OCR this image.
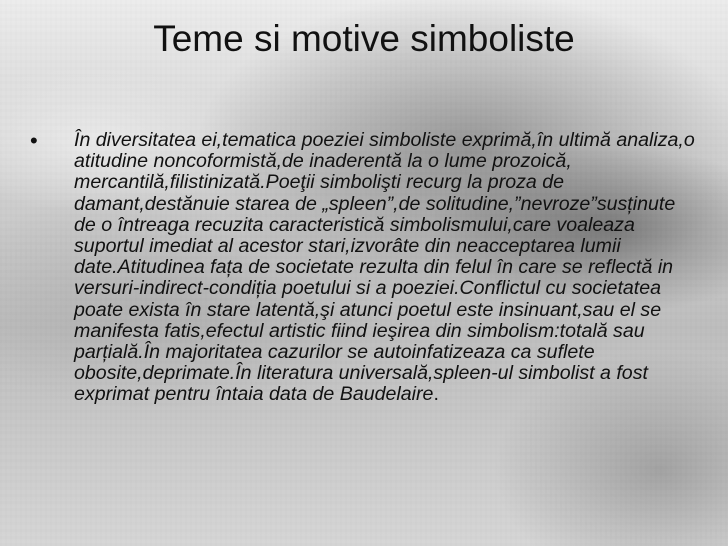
Teme si motive simboliste
• În diversitatea ei,tematica poeziei simboliste exprimă,în ultimă analiza,o atitudine noncoformistă,de inaderentă la o lume prozoică, mercantilă,filistinizată.Poeţii simbolişti recurg la proza de damant,destănuie starea de „spleen”,de solitudine,”nevroze”susținute de o întreaga recuzita caracteristică simbolismului,care voaleaza suportul imediat al acestor stari,izvorâte din neacceptarea lumii date.Atitudinea fața de societate rezulta din felul în care se reflectă in versuri-indirect-condiția poetului si a poeziei.Conflictul cu societatea poate exista în stare latentă,şi atunci poetul este insinuant,sau el se manifesta fatis,efectul artistic fiind ieşirea din simbolism:totală sau parțială.În majoritatea cazurilor se autoinfatizeaza ca suflete obosite,deprimate.În literatura universală,spleen-ul simbolist a fost exprimat pentru întaia data de Baudelaire.
